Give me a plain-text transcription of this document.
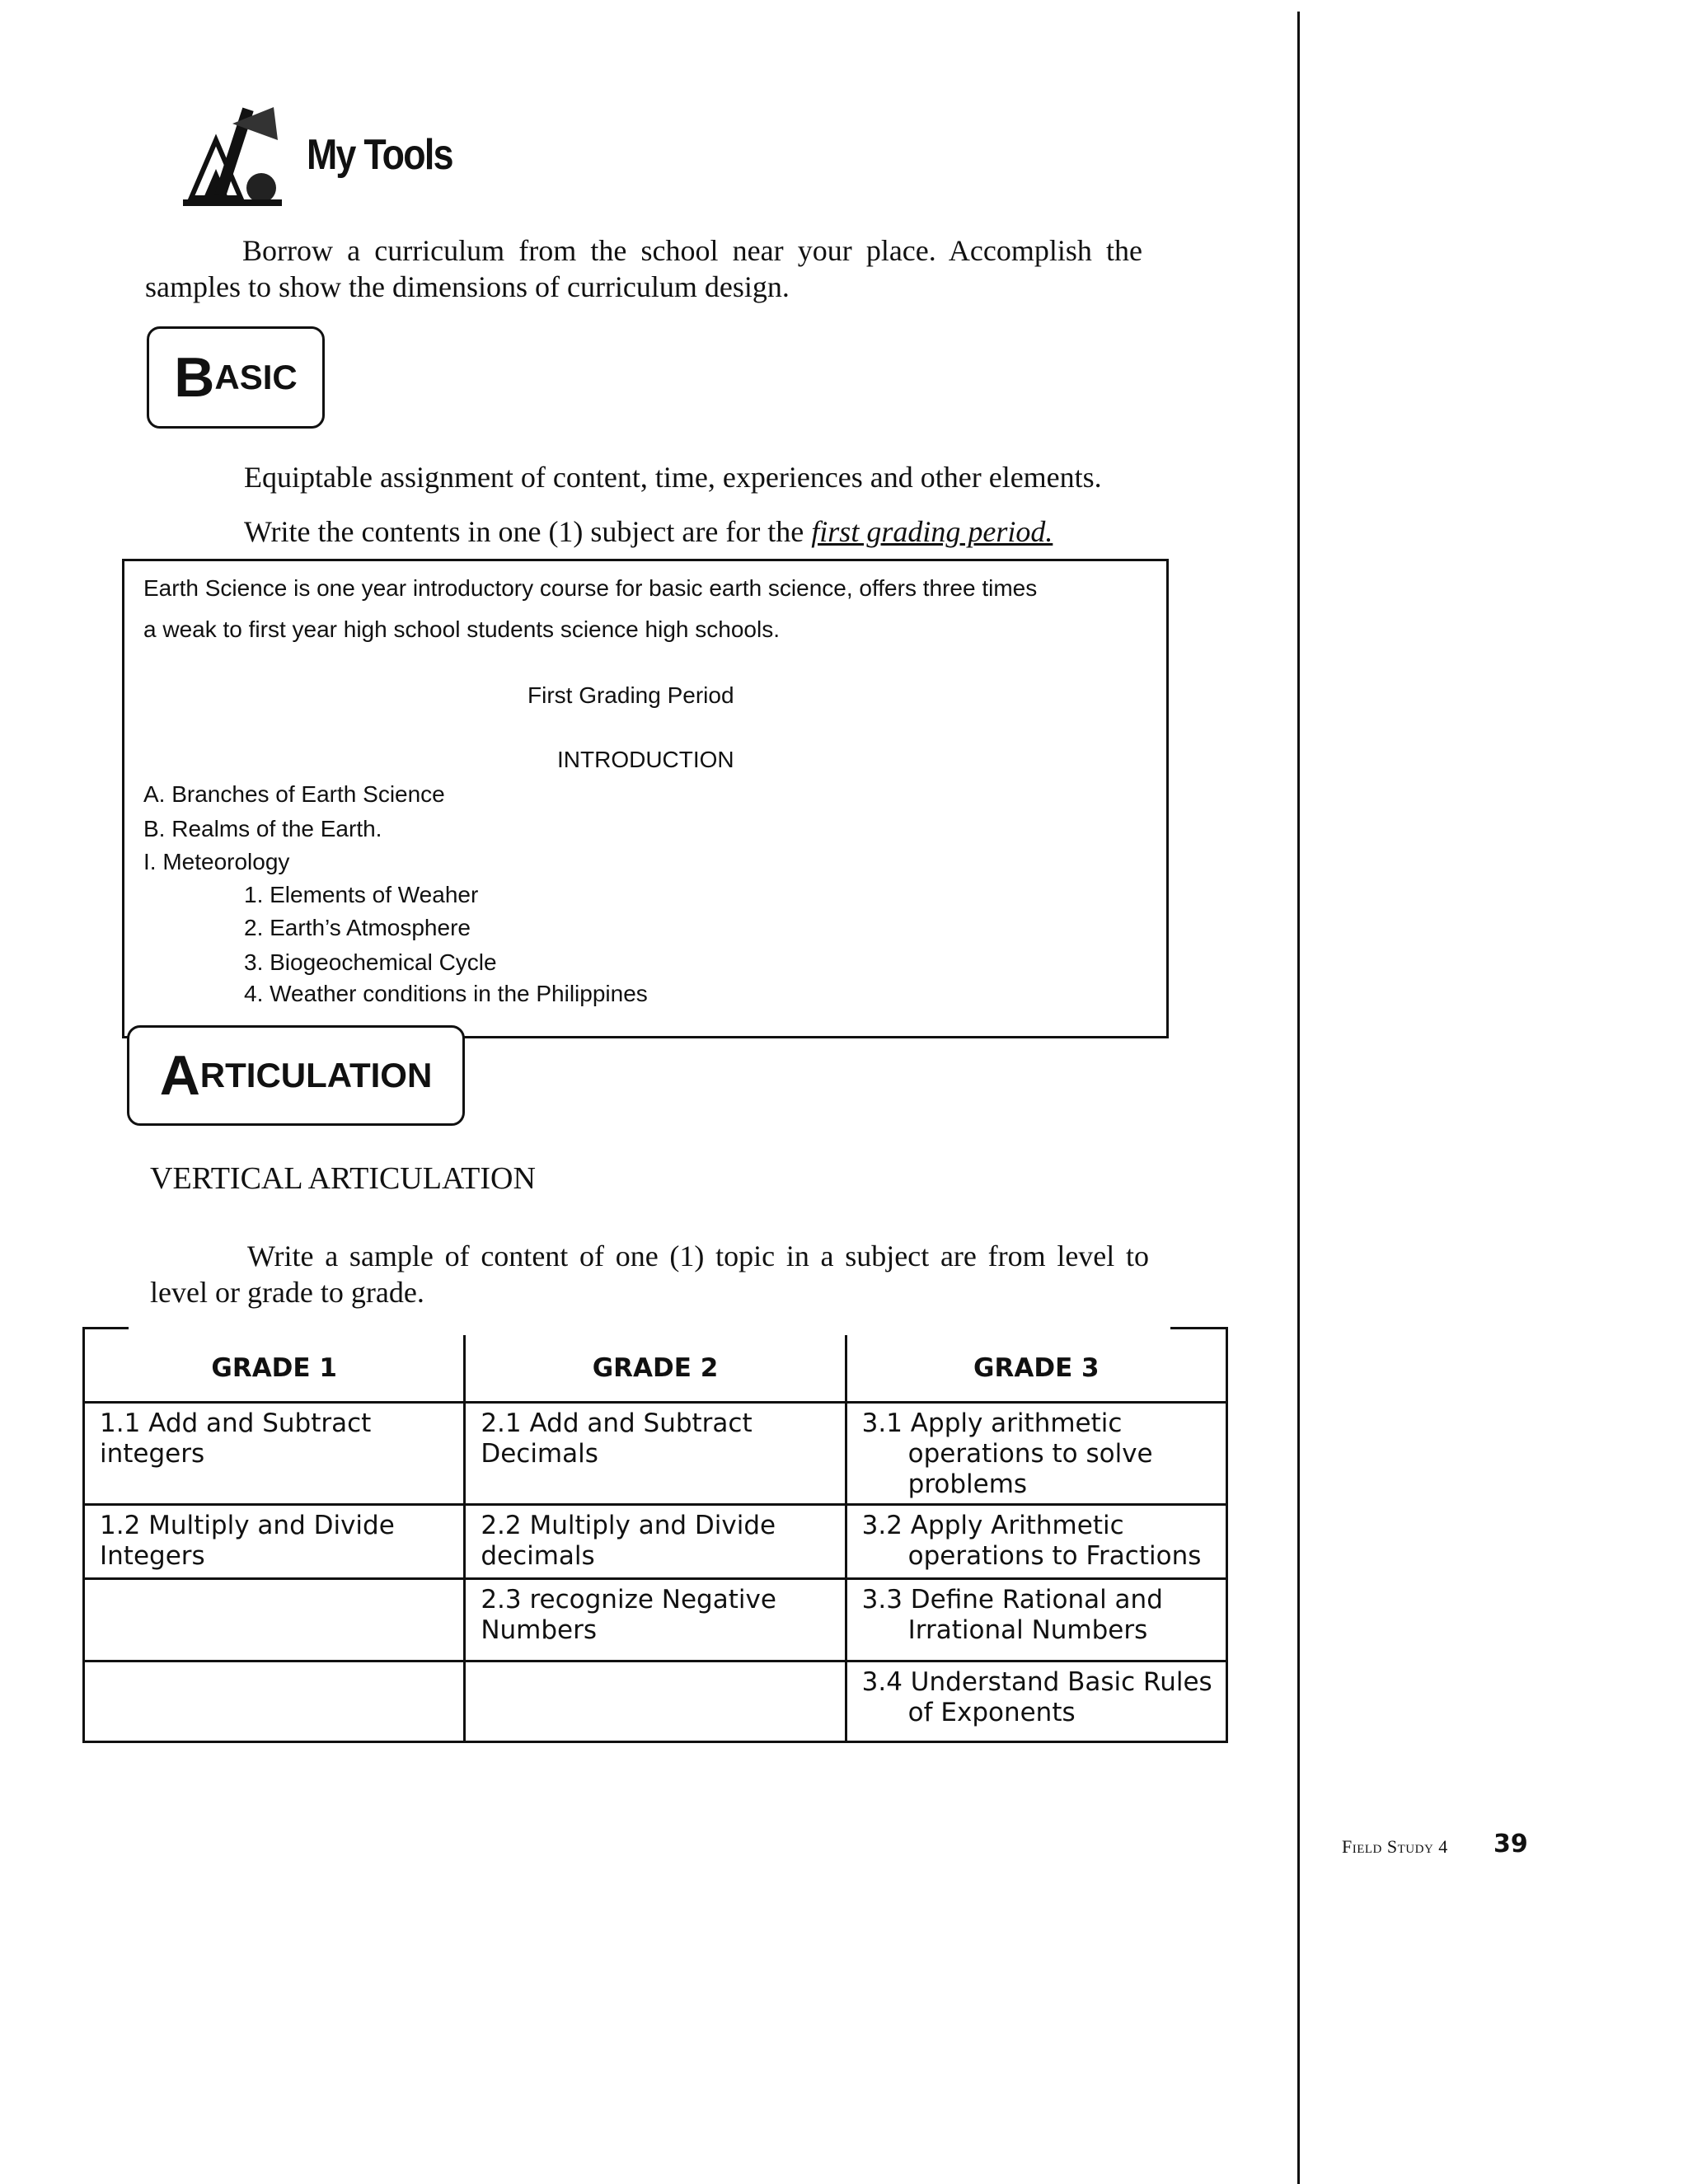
My Tools
Borrow a curriculum from the school near your place. Accomplish the
samples to show the dimensions of curriculum design.
B ASIC
Equiptable assignment of content, time, experiences and other elements.
Write the contents in one (1) subject are for the first grading period.
Earth Science is one year introductory course for basic earth science, offers three times
a weak to first year high school students science high schools.
First Grading Period
INTRODUCTION
A. Branches of Earth Science
B. Realms of the Earth.
I. Meteorology
1. Elements of Weaher
2. Earth’s Atmosphere
3. Biogeochemical Cycle
4. Weather conditions in the Philippines
A RTICULATION
VERTICAL ARTICULATION
Write a sample of content of one (1) topic in a subject are from level to
level or grade to grade.
GRADE 1	GRADE 2	GRADE 3
1.1 Add and Subtract integers	2.1 Add and Subtract Decimals	3.1 Apply arithmetic operations to solve problems

1.2 Multiply and Divide Integers	2.2 Multiply and Divide decimals	3.2 Apply Arithmetic operations to Fractions

	2.3 recognize Negative Numbers	3.3 Define Rational and Irrational Numbers

		3.4 Understand Basic Rules of Exponents
Field Study 4 39
